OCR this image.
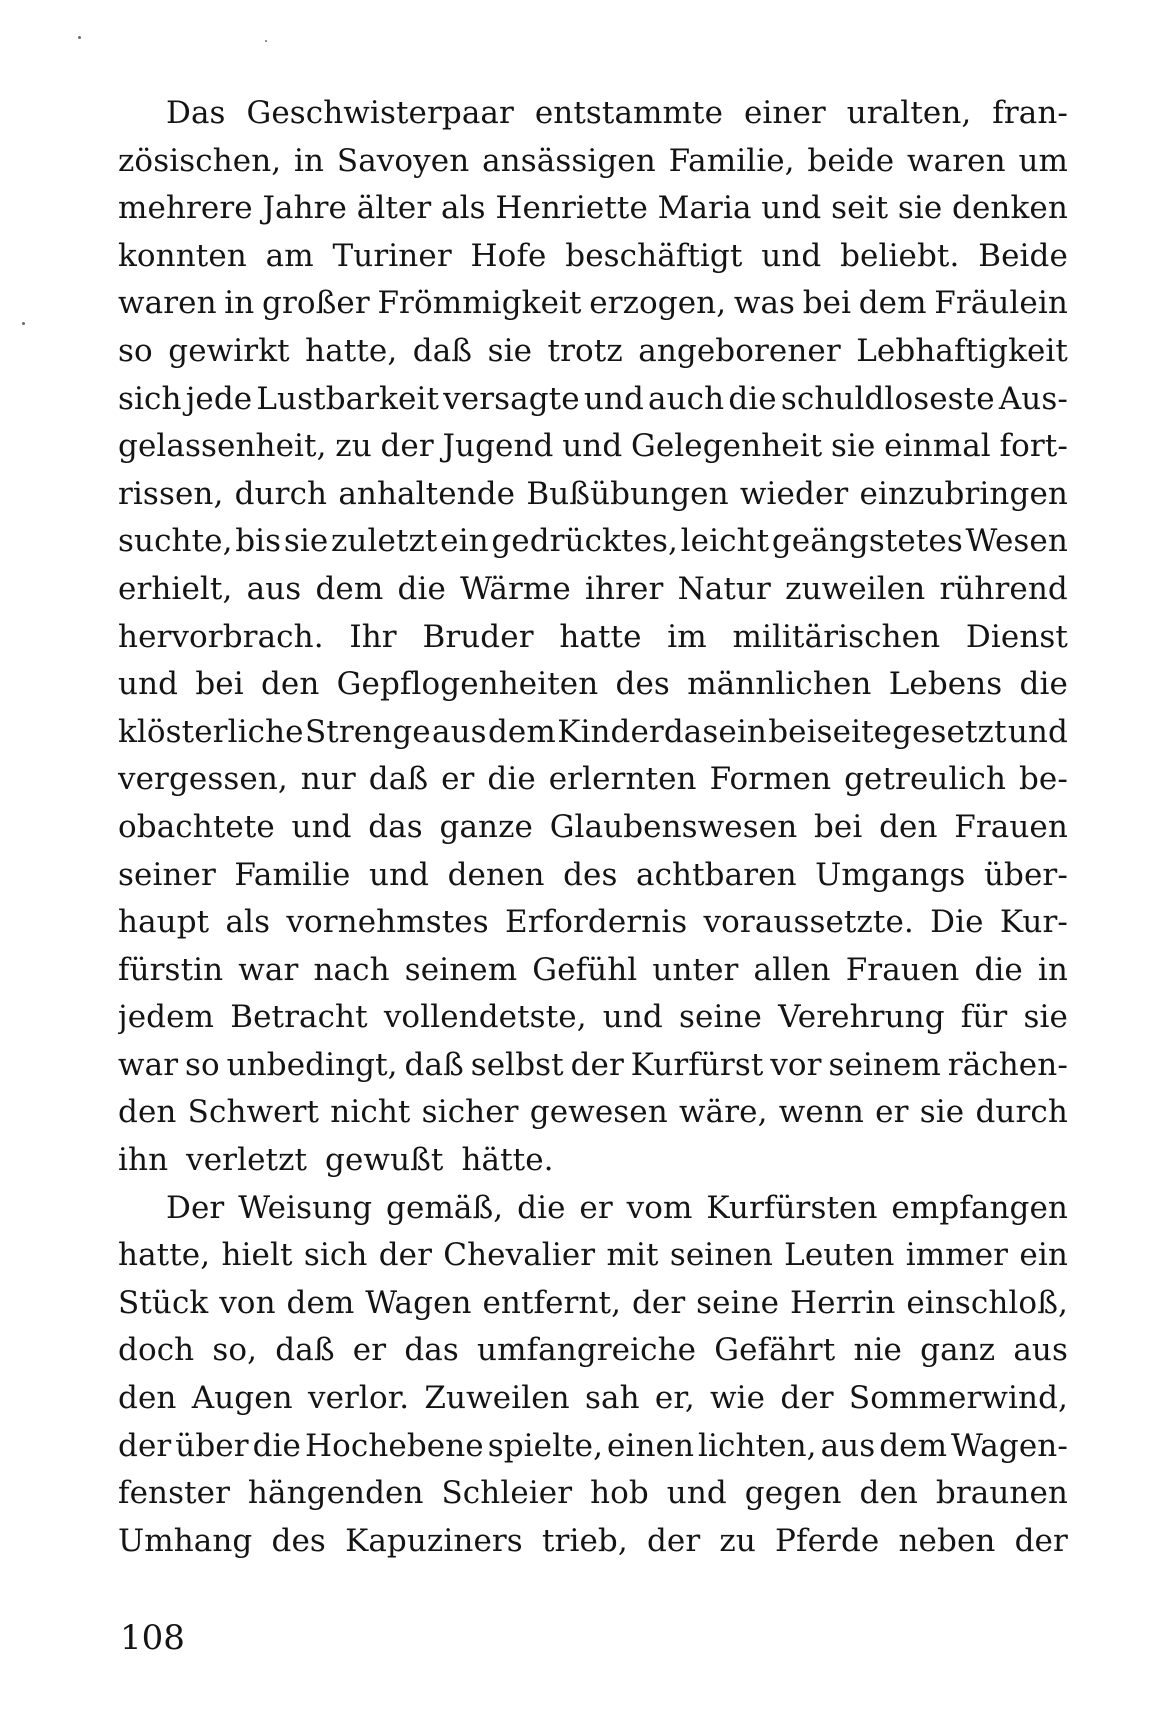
Das Geschwisterpaar entstammte einer uralten, fran-
zösischen, in Savoyen ansässigen Familie, beide waren um
mehrere Jahre älter als Henriette Maria und seit sie denken
konnten am Turiner Hofe beschäftigt und beliebt. Beide
waren in großer Frömmigkeit erzogen, was bei dem Fräulein
so gewirkt hatte, daß sie trotz angeborener Lebhaftigkeit
sich jede Lustbarkeit versagte und auch die schuldloseste Aus-
gelassenheit, zu der Jugend und Gelegenheit sie einmal fort-
rissen, durch anhaltende Bußübungen wieder einzubringen
suchte, bis sie zuletzt ein gedrücktes, leicht geängstetes Wesen
erhielt, aus dem die Wärme ihrer Natur zuweilen rührend
hervorbrach. Ihr Bruder hatte im militärischen Dienst
und bei den Gepflogenheiten des männlichen Lebens die
klösterliche Strenge aus dem Kinderdasein beiseitegesetzt und
vergessen, nur daß er die erlernten Formen getreulich be-
obachtete und das ganze Glaubenswesen bei den Frauen
seiner Familie und denen des achtbaren Umgangs über-
haupt als vornehmstes Erfordernis voraussetzte. Die Kur-
fürstin war nach seinem Gefühl unter allen Frauen die in
jedem Betracht vollendetste, und seine Verehrung für sie
war so unbedingt, daß selbst der Kurfürst vor seinem rächen-
den Schwert nicht sicher gewesen wäre, wenn er sie durch
ihn verletzt gewußt hätte.
Der Weisung gemäß, die er vom Kurfürsten empfangen
hatte, hielt sich der Chevalier mit seinen Leuten immer ein
Stück von dem Wagen entfernt, der seine Herrin einschloß,
doch so, daß er das umfangreiche Gefährt nie ganz aus
den Augen verlor. Zuweilen sah er, wie der Sommerwind,
der über die Hochebene spielte, einen lichten, aus dem Wagen-
fenster hängenden Schleier hob und gegen den braunen
Umhang des Kapuziners trieb, der zu Pferde neben der
108
